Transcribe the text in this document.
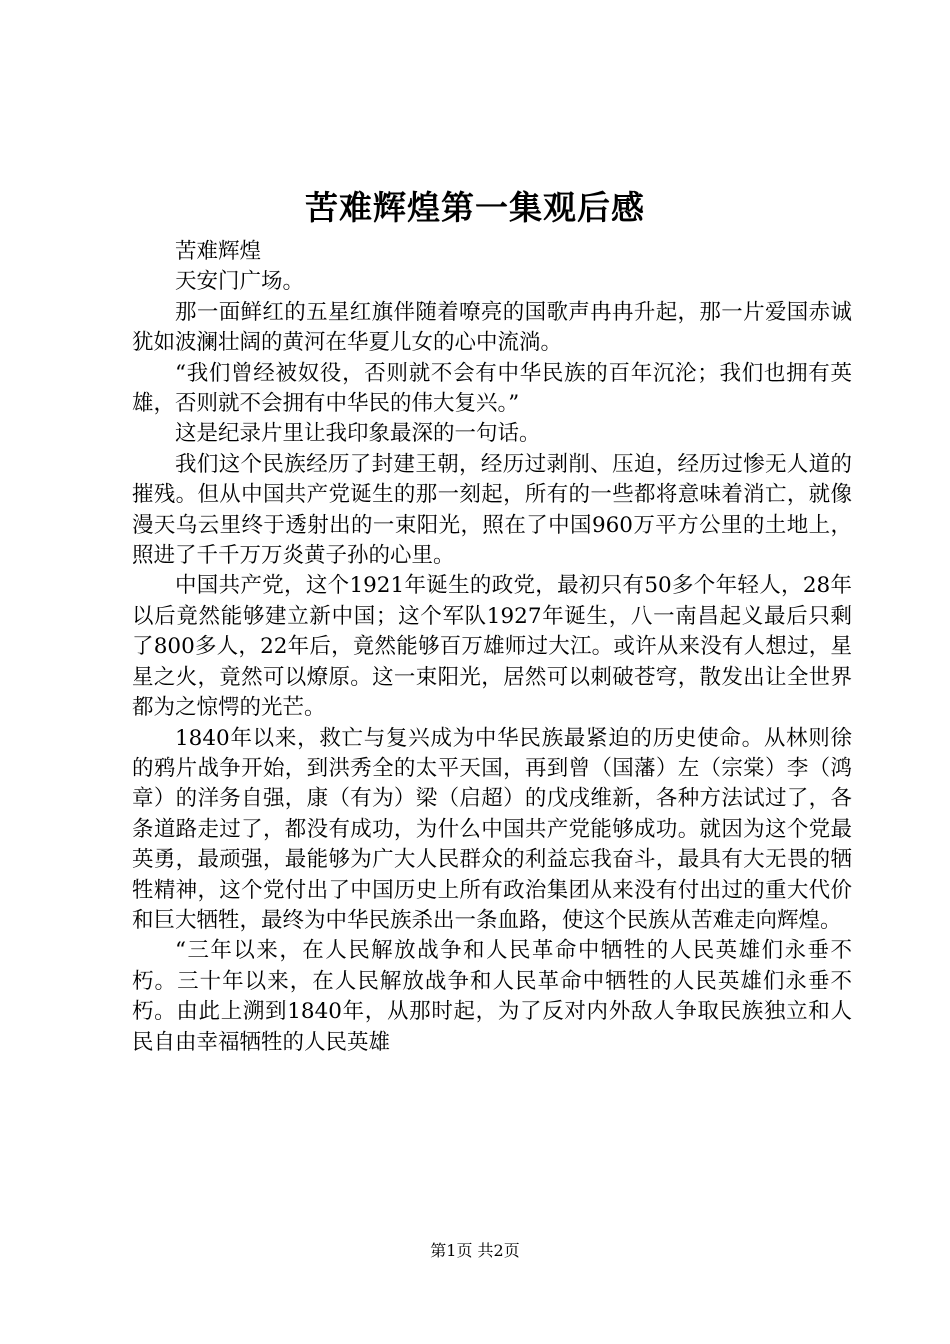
苦难辉煌第一集观后感

苦难辉煌

天安门广场。

那一面鲜红的五星红旗伴随着嘹亮的国歌声冉冉升起，那一片爱国赤诚犹如波澜壮阔的黄河在华夏儿女的心中流淌。

“我们曾经被奴役，否则就不会有中华民族的百年沉沦；我们也拥有英雄，否则就不会拥有中华民的伟大复兴。”

这是纪录片里让我印象最深的一句话。

我们这个民族经历了封建王朝，经历过剥削、压迫，经历过惨无人道的摧残。但从中国共产党诞生的那一刻起，所有的一些都将意味着消亡，就像漫天乌云里终于透射出的一束阳光，照在了中国960万平方公里的土地上，照进了千千万万炎黄子孙的心里。

中国共产党，这个1921年诞生的政党，最初只有50多个年轻人，28年以后竟然能够建立新中国；这个军队1927年诞生，八一南昌起义最后只剩了800多人，22年后，竟然能够百万雄师过大江。或许从来没有人想过，星星之火，竟然可以燎原。这一束阳光，居然可以刺破苍穹，散发出让全世界都为之惊愕的光芒。

1840年以来，救亡与复兴成为中华民族最紧迫的历史使命。从林则徐的鸦片战争开始，到洪秀全的太平天国，再到曾（国藩）左（宗棠）李（鸿章）的洋务自强，康（有为）梁（启超）的戊戌维新，各种方法试过了，各条道路走过了，都没有成功，为什么中国共产党能够成功。就因为这个党最英勇，最顽强，最能够为广大人民群众的利益忘我奋斗，最具有大无畏的牺牲精神，这个党付出了中国历史上所有政治集团从来没有付出过的重大代价和巨大牺牲，最终为中华民族杀出一条血路，使这个民族从苦难走向辉煌。

“三年以来，在人民解放战争和人民革命中牺牲的人民英雄们永垂不朽。三十年以来，在人民解放战争和人民革命中牺牲的人民英雄们永垂不朽。由此上溯到1840年，从那时起，为了反对内外敌人争取民族独立和人民自由幸福牺牲的人民英雄

第1页 共2页
